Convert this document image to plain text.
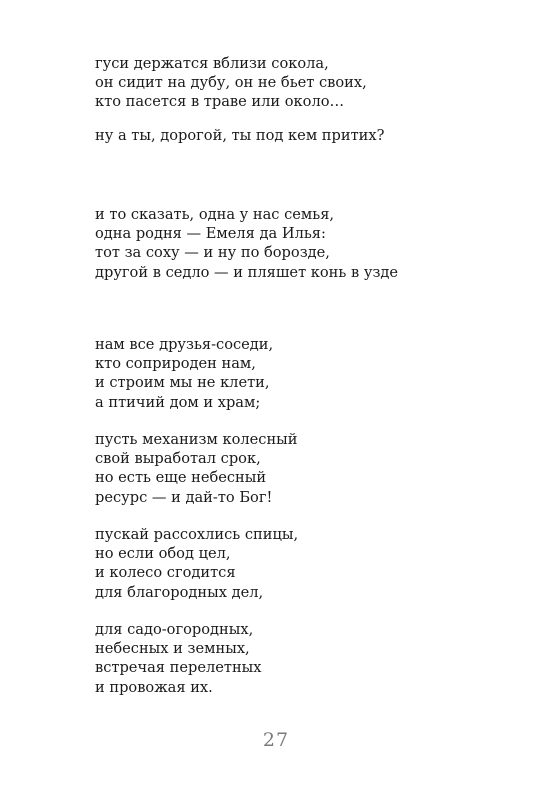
гуси держатся вблизи сокола,
он сидит на дубу, он не бьет своих,
кто пасется в траве или около…
ну а ты, дорогой, ты под кем притих?
и то сказать, одна у нас семья,
одна родня — Емеля да Илья:
тот за соху — и ну по борозде,
другой в седло — и пляшет конь в узде
нам все друзья-соседи,
кто соприроден нам,
и строим мы не клети,
а птичий дом и храм;
пусть механизм колесный
свой выработал срок,
но есть еще небесный
ресурс — и дай-то Бог!
пускай рассохлись спицы,
но если обод цел,
и колесо сгодится
для благородных дел,
для садо-огородных,
небесных и земных,
встречая перелетных
и провожая их.
27
